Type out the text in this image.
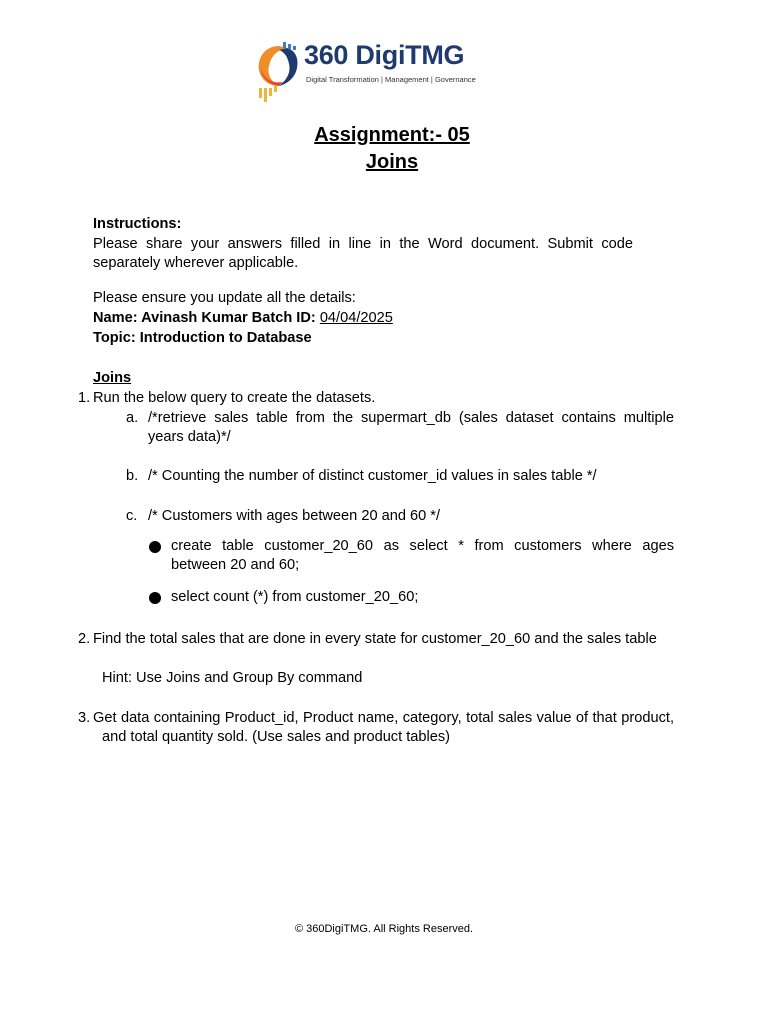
360 DigiTMG
Digital Transformation | Management | Governance
Assignment:- 05
Joins
Instructions:
Please share your answers filled in line in the Word document. Submit code separately wherever applicable.
Please ensure you update all the details:
Name: Avinash Kumar Batch ID: 04/04/2025
Topic: Introduction to Database
Joins
1. Run the below query to create the datasets.
a. /*retrieve sales table from the supermart_db (sales dataset contains multiple years data)*/
b. /* Counting the number of distinct customer_id values in sales table */
c. /* Customers with ages between 20 and 60 */
create table customer_20_60 as select * from customers where ages between 20 and 60;
select count (*) from customer_20_60;
2. Find the total sales that are done in every state for customer_20_60 and the sales table
Hint: Use Joins and Group By command
3. Get data containing Product_id, Product name, category, total sales value of that product, and total quantity sold. (Use sales and product tables)
© 360DigiTMG. All Rights Reserved.
